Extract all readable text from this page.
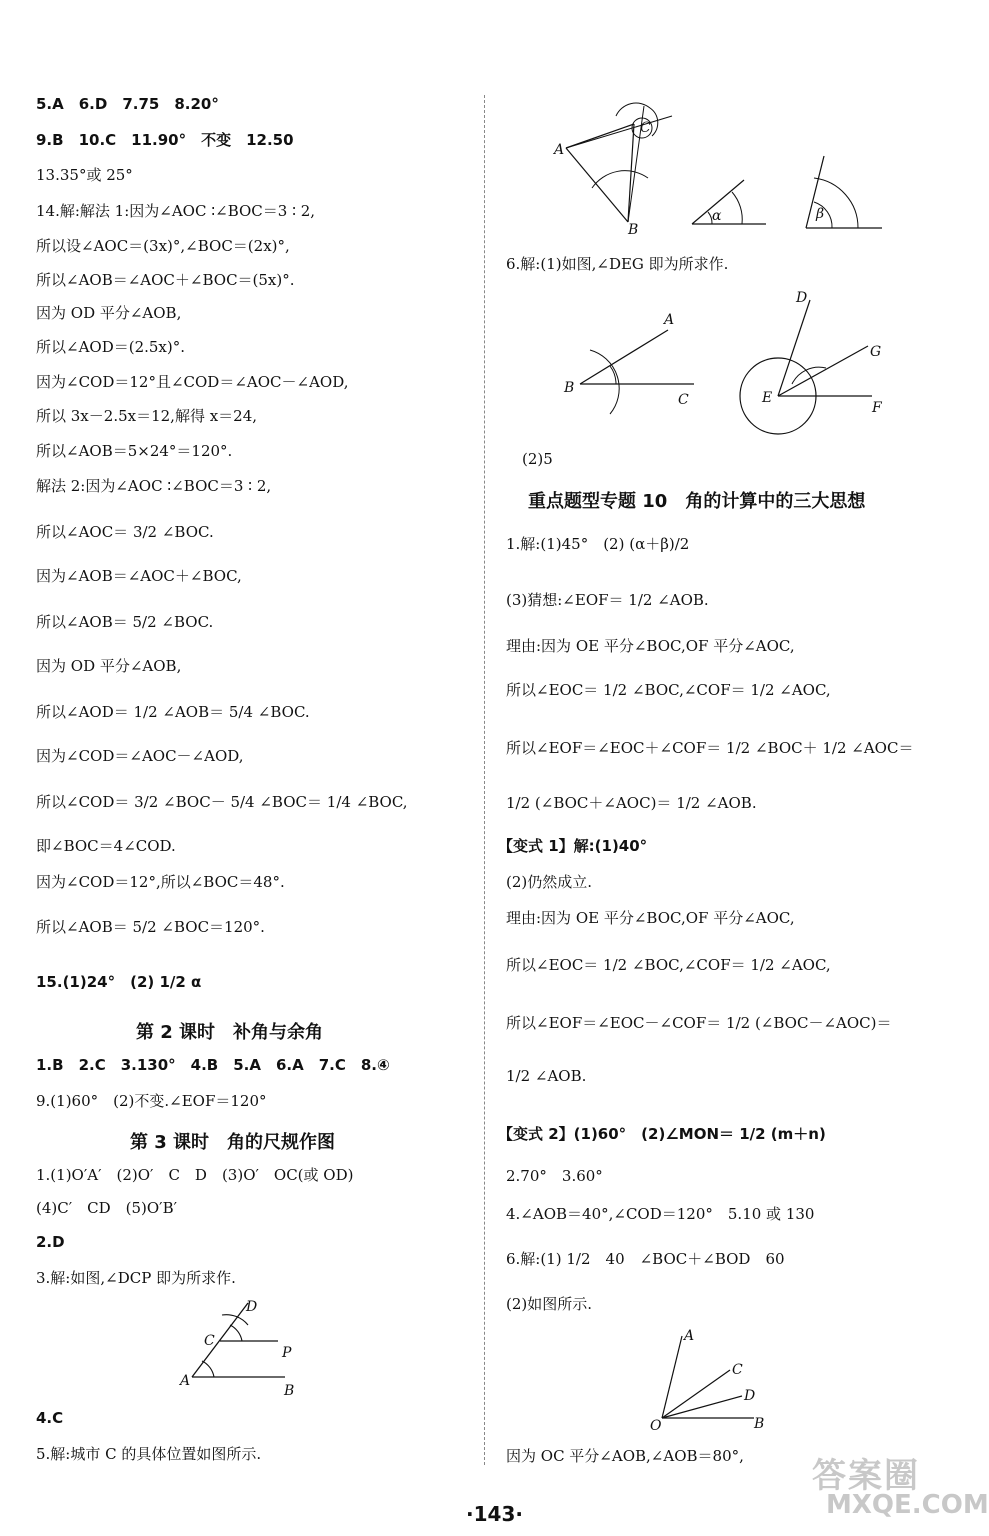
5.A　6.D　7.75　8.20°
9.B　10.C　11.90°　不变　12.50
13.35°或 25°
14.解:解法 1:因为∠AOC ∶∠BOC＝3 ∶ 2,
所以设∠AOC＝(3x)°,∠BOC＝(2x)°,
所以∠AOB＝∠AOC＋∠BOC＝(5x)°.
因为 OD 平分∠AOB,
所以∠AOD＝(2.5x)°.
因为∠COD＝12°且∠COD＝∠AOC－∠AOD,
所以 3x－2.5x＝12,解得 x＝24,
所以∠AOB＝5×24°＝120°.
解法 2:因为∠AOC ∶∠BOC＝3 ∶ 2,
所以∠AOC＝ 3/2 ∠BOC.
因为∠AOB＝∠AOC＋∠BOC,
所以∠AOB＝ 5/2 ∠BOC.
因为 OD 平分∠AOB,
所以∠AOD＝ 1/2 ∠AOB＝ 5/4 ∠BOC.
因为∠COD＝∠AOC－∠AOD,
所以∠COD＝ 3/2 ∠BOC－ 5/4 ∠BOC＝ 1/4 ∠BOC,
即∠BOC＝4∠COD.
因为∠COD＝12°,所以∠BOC＝48°.
所以∠AOB＝ 5/2 ∠BOC＝120°.
15.(1)24°　(2) 1/2 α
第 2 课时　补角与余角
1.B　2.C　3.130°　4.B　5.A　6.A　7.C　8.④
9.(1)60°　(2)不变.∠EOF＝120°
第 3 课时　角的尺规作图
1.(1)O′A′　(2)O′　C　D　(3)O′　OC(或 OD)
(4)C′　CD　(5)O′B′
2.D
3.解:如图,∠DCP 即为所求作.
D
C
P
A
B
4.C
5.解:城市 C 的具体位置如图所示.
A
C
B
α	β
6.解:(1)如图,∠DEG 即为所求作.
A
B
C
D
G
E
F
(2)5
重点题型专题 10　角的计算中的三大思想
1.解:(1)45°　(2) (α＋β)/2
(3)猜想:∠EOF＝ 1/2 ∠AOB.
理由:因为 OE 平分∠BOC,OF 平分∠AOC,
所以∠EOC＝ 1/2 ∠BOC,∠COF＝ 1/2 ∠AOC,
所以∠EOF＝∠EOC＋∠COF＝ 1/2 ∠BOC＋ 1/2 ∠AOC＝
1/2 (∠BOC＋∠AOC)＝ 1/2 ∠AOB.
【变式 1】解:(1)40°
(2)仍然成立.
理由:因为 OE 平分∠BOC,OF 平分∠AOC,
所以∠EOC＝ 1/2 ∠BOC,∠COF＝ 1/2 ∠AOC,
所以∠EOF＝∠EOC－∠COF＝ 1/2 (∠BOC－∠AOC)＝
1/2 ∠AOB.
【变式 2】(1)60°　(2)∠MON＝ 1/2 (m＋n)
2.70°　3.60°
4.∠AOB＝40°,∠COD＝120°　5.10 或 130
6.解:(1) 1/2　40　∠BOC＋∠BOD　60
(2)如图所示.
A
C
D
O	B
因为 OC 平分∠AOB,∠AOB＝80°,
·143·
答案圈
MXQE.COM
